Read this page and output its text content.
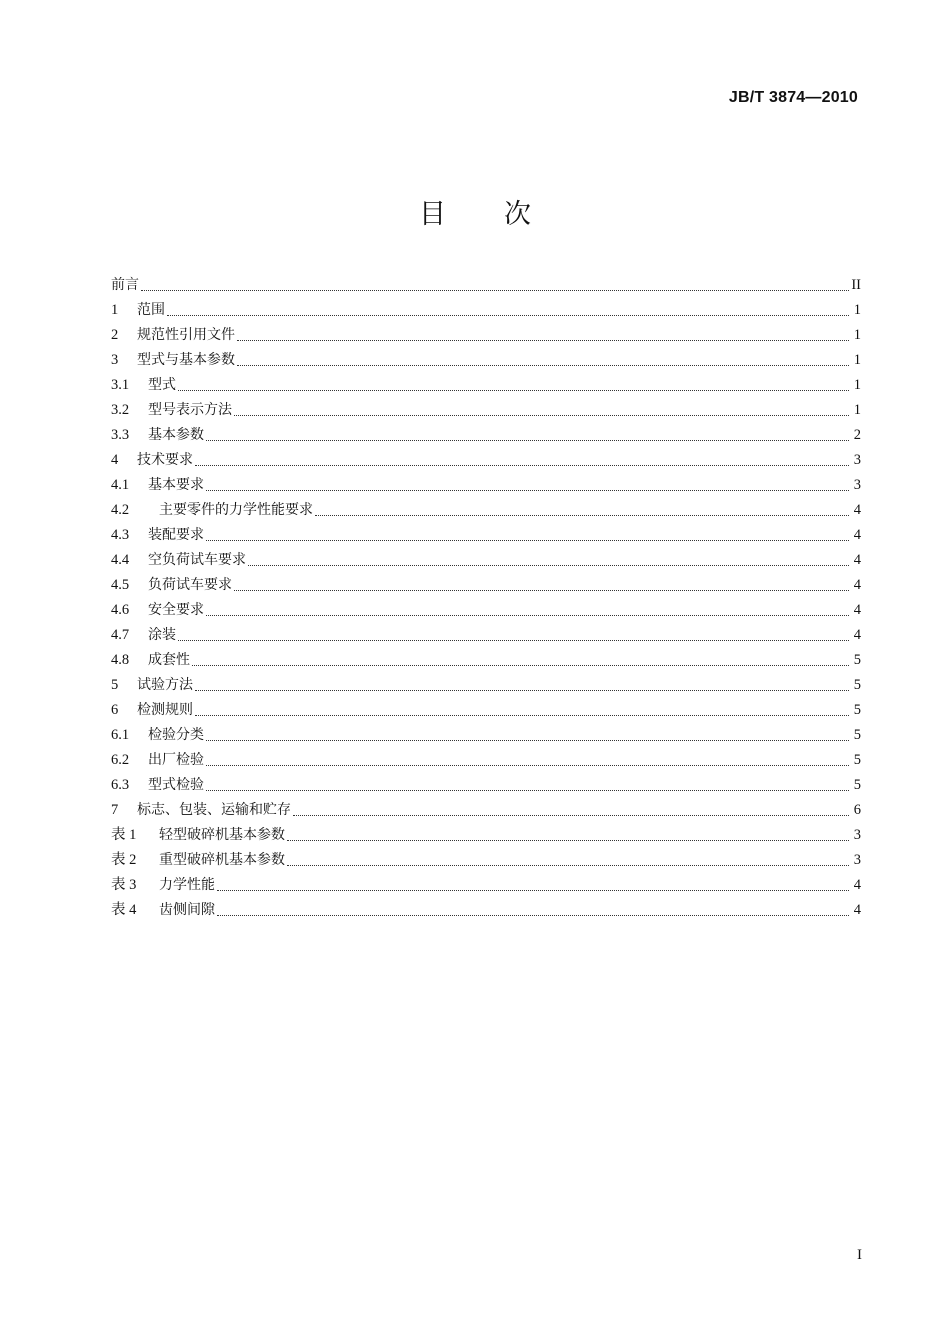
JB/T 3874—2010
目次
前言	II
1	范围	1
2	规范性引用文件	1
3	型式与基本参数	1
3.1	型式	1
3.2	型号表示方法	1
3.3	基本参数	2
4	技术要求	3
4.1	基本要求	3
4.2	主要零件的力学性能要求	4
4.3	装配要求	4
4.4	空负荷试车要求	4
4.5	负荷试车要求	4
4.6	安全要求	4
4.7	涂装	4
4.8	成套性	5
5	试验方法	5
6	检测规则	5
6.1	检验分类	5
6.2	出厂检验	5
6.3	型式检验	5
7	标志、包装、运输和贮存	6
表 1	轻型破碎机基本参数	3
表 2	重型破碎机基本参数	3
表 3	力学性能	4
表 4	齿侧间隙	4
I
